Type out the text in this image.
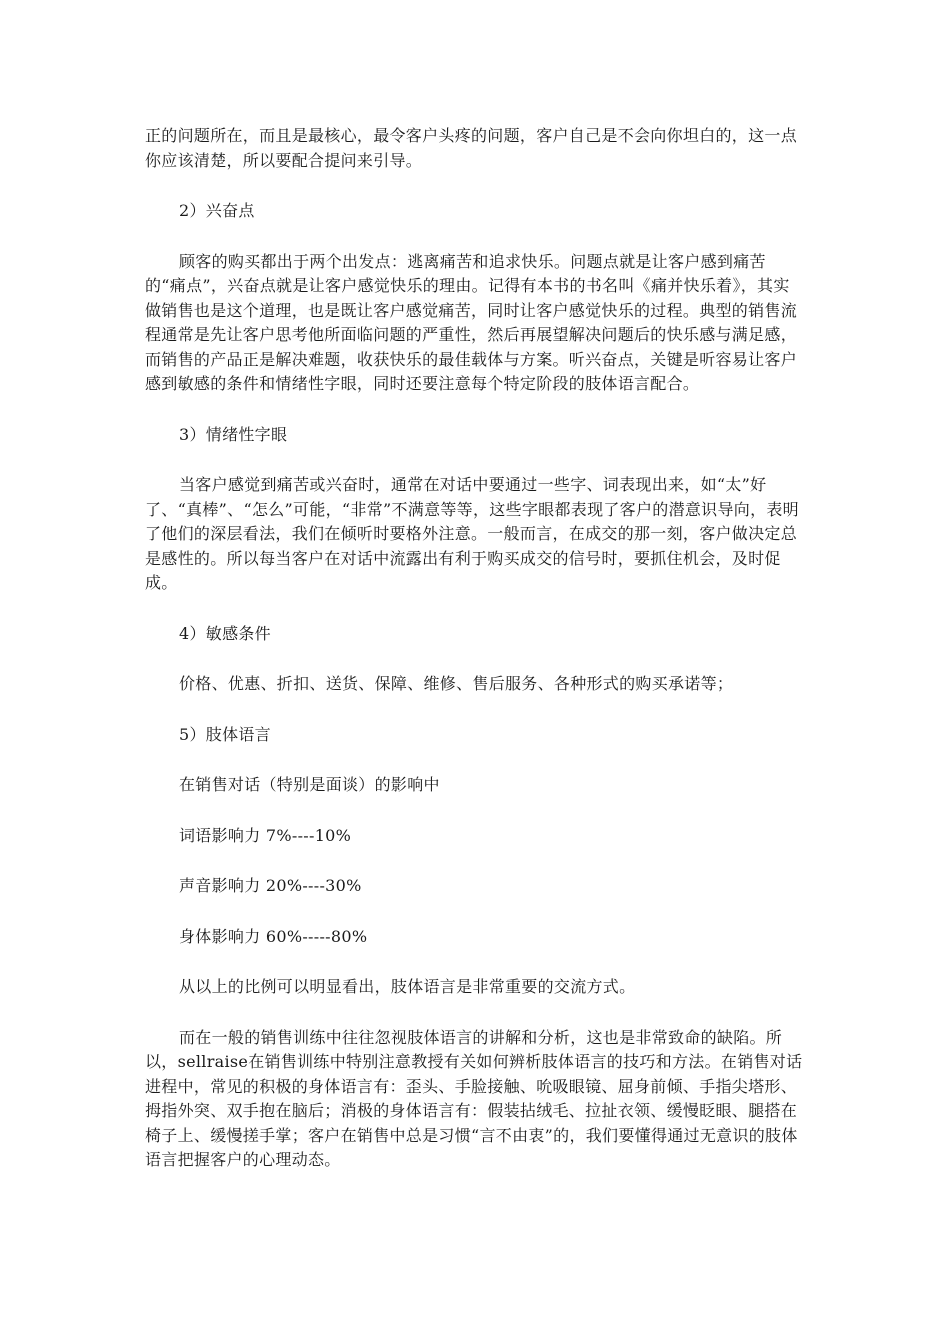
正的问题所在，而且是最核心，最令客户头疼的问题，客户自己是不会向你坦白的，这一点你应该清楚，所以要配合提问来引导。

2）兴奋点

顾客的购买都出于两个出发点：逃离痛苦和追求快乐。问题点就是让客户感到痛苦的“痛点”，兴奋点就是让客户感觉快乐的理由。记得有本书的书名叫《痛并快乐着》，其实做销售也是这个道理，也是既让客户感觉痛苦，同时让客户感觉快乐的过程。典型的销售流程通常是先让客户思考他所面临问题的严重性，然后再展望解决问题后的快乐感与满足感，而销售的产品正是解决难题，收获快乐的最佳载体与方案。听兴奋点，关键是听容易让客户感到敏感的条件和情绪性字眼，同时还要注意每个特定阶段的肢体语言配合。

3）情绪性字眼

当客户感觉到痛苦或兴奋时，通常在对话中要通过一些字、词表现出来，如“太”好了、“真棒”、“怎么”可能，“非常”不满意等等，这些字眼都表现了客户的潜意识导向，表明了他们的深层看法，我们在倾听时要格外注意。一般而言，在成交的那一刻，客户做决定总是感性的。所以每当客户在对话中流露出有利于购买成交的信号时，要抓住机会，及时促成。

4）敏感条件

价格、优惠、折扣、送货、保障、维修、售后服务、各种形式的购买承诺等；

5）肢体语言

在销售对话（特别是面谈）的影响中

词语影响力 7%----10%

声音影响力 20%----30%

身体影响力 60%-----80%

从以上的比例可以明显看出，肢体语言是非常重要的交流方式。

而在一般的销售训练中往往忽视肢体语言的讲解和分析，这也是非常致命的缺陷。所以，sellraise在销售训练中特别注意教授有关如何辨析肢体语言的技巧和方法。在销售对话进程中，常见的积极的身体语言有：歪头、手脸接触、吮吸眼镜、屈身前倾、手指尖塔形、拇指外突、双手抱在脑后；消极的身体语言有：假装拈绒毛、拉扯衣领、缓慢眨眼、腿搭在椅子上、缓慢搓手掌；客户在销售中总是习惯“言不由衷”的，我们要懂得通过无意识的肢体语言把握客户的心理动态。
